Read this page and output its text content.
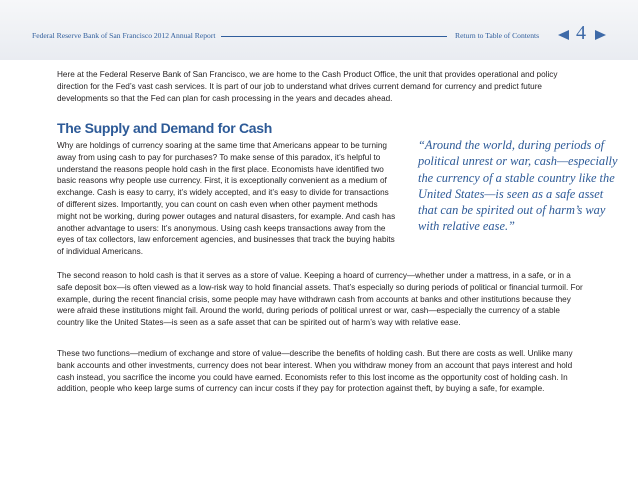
Federal Reserve Bank of San Francisco 2012 Annual Report	Return to Table of Contents	4

Here at the Federal Reserve Bank of San Francisco, we are home to the Cash Product Office, the unit that provides operational and policy direction for the Fed’s vast cash services. It is part of our job to understand what drives current demand for currency and predict future developments so that the Fed can plan for cash processing in the years and decades ahead.

The Supply and Demand for Cash

Why are holdings of currency soaring at the same time that Americans appear to be turning away from using cash to pay for purchases? To make sense of this paradox, it’s helpful to understand the reasons people hold cash in the first place. Economists have identified two basic reasons why people use currency. First, it is exceptionally convenient as a medium of exchange. Cash is easy to carry, it’s widely accepted, and it’s easy to divide for transactions of different sizes. Importantly, you can count on cash even when other payment methods might not be working, during power outages and natural disasters, for example. And cash has another advantage to users: It’s anonymous. Using cash keeps transactions away from the eyes of tax collectors, law enforcement agencies, and businesses that track the buying habits of individual Americans.

“Around the world, during periods of political unrest or war, cash—especially the currency of a stable country like the United States—is seen as a safe asset that can be spirited out of harm’s way with relative ease.”

The second reason to hold cash is that it serves as a store of value. Keeping a hoard of currency—whether under a mattress, in a safe, or in a safe deposit box—is often viewed as a low-risk way to hold financial assets. That’s especially so during periods of political or financial turmoil. For example, during the recent financial crisis, some people may have withdrawn cash from accounts at banks and other institutions because they were afraid these institutions might fail. Around the world, during periods of political unrest or war, cash—especially the currency of a stable country like the United States—is seen as a safe asset that can be spirited out of harm’s way with relative ease.

These two functions—medium of exchange and store of value—describe the benefits of holding cash. But there are costs as well. Unlike many bank accounts and other investments, currency does not bear interest. When you withdraw money from an account that pays interest and hold cash instead, you sacrifice the income you could have earned. Economists refer to this lost income as the opportunity cost of holding cash. In addition, people who keep large sums of currency can incur costs if they pay for protection against theft, by buying a safe, for example.
